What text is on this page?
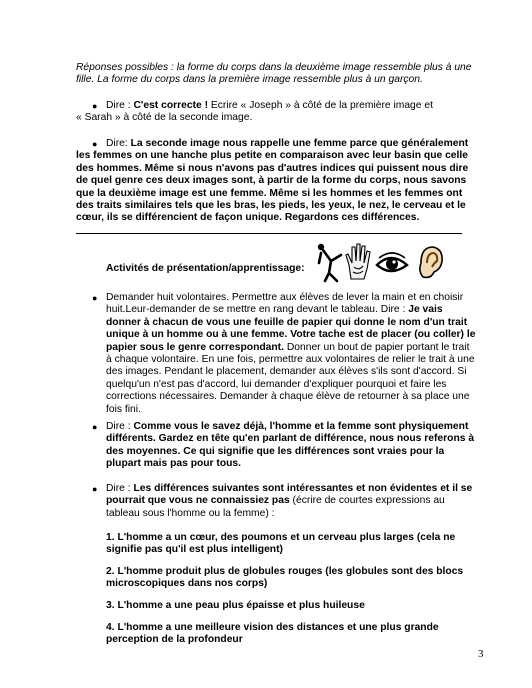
Réponses possibles : la forme du corps dans la deuxième image ressemble plus à une
fille. La forme du corps dans la première image ressemble plus à un garçon.

● Dire : C'est correcte ! Ecrire « Joseph » à côté de la première image et
« Sarah » à côté de la seconde image.
● Dire: La seconde image nous rappelle une femme parce que généralement
les femmes on une hanche plus petite en comparaison avec leur basin que celle
des hommes. Même si nous n'avons pas d'autres indices qui puissent nous dire
de quel genre ces deux images sont, à partir de la forme du corps, nous savons
que la deuxième image est une femme. Même si les hommes et les femmes ont
des traits similaires tels que les bras, les pieds, les yeux, le nez, le cerveau et le
cœur, ils se différencient de façon unique. Regardons ces différences.
Activités de présentation/apprentissage:
● Demander huit volontaires. Permettre aux élèves de lever la main et en choisir
huit.Leur-demander de se mettre en rang devant le tableau. Dire : Je vais
donner à chacun de vous une feuille de papier qui donne le nom d'un trait
unique à un homme ou à une femme. Votre tache est de placer (ou coller) le
papier sous le genre correspondant. Donner un bout de papier portant le trait
à chaque volontaire. En une fois, permettre aux volontaires de relier le trait à une
des images. Pendant le placement, demander aux élèves s'ils sont d'accord. Si
quelqu'un n'est pas d'accord, lui demander d'expliquer pourquoi et faire les
corrections nécessaires. Demander à chaque élève de retourner à sa place une
fois fini.
● Dire : Comme vous le savez déjà, l'homme et la femme sont physiquement
différents. Gardez en tête qu'en parlant de différence, nous nous referons à
des moyennes. Ce qui signifie que les différences sont vraies pour la
plupart mais pas pour tous.
● Dire : Les différences suivantes sont intéressantes et non évidentes et il se
pourrait que vous ne connaissiez pas (écrire de courtes expressions au
tableau sous l'homme ou la femme) :
1. L'homme a un cœur, des poumons et un cerveau plus larges (cela ne
signifie pas qu'il est plus intelligent)
2. L'homme produit plus de globules rouges (les globules sont des blocs
microscopiques dans nos corps)
3. L'homme a une peau plus épaisse et plus huileuse
4. L'homme a une meilleure vision des distances et une plus grande
perception de la profondeur
3
